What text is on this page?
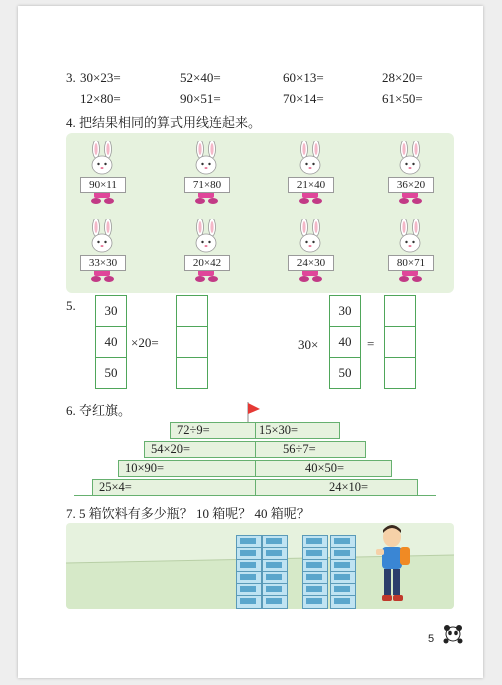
3. 30×23=	52×40=	60×13=	28×20=
12×80=	90×51=	70×14=	61×50=
4. 把结果相同的算式用线连起来。
90×11	71×80	21×40	36×20
33×30	20×42	24×30	80×71
5.	30
40
50
×20=	30×
30
40
50
=
6. 夺红旗。
72÷9=	15×30=
54×20=	56÷7=
10×90=	40×50=
25×4=	24×10=
7. 5 箱饮料有多少瓶？ 10 箱呢？ 40 箱呢？
5
